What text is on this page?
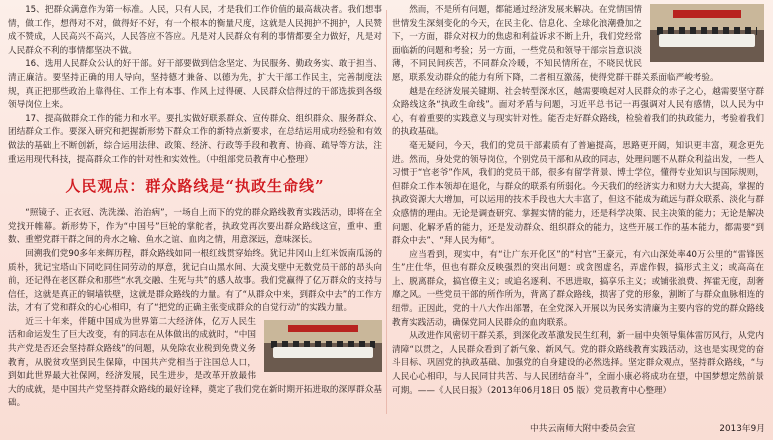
15、把群众满意作为第一标准。人民，只有人民，才是我们工作价值的最高裁决者。我们想事情，做工作，想得对不对，做得好不好，有一个根本的衡量尺度，这就是人民拥护不拥护，人民赞成不赞成，人民高兴不高兴，人民答应不答应。凡是对人民群众有利的事情都要全力做好，凡是对人民群众不利的事情都坚决不做。

16、选用人民群众公认的好干部。好干部要做到信念坚定、为民服务、勤政务实、敢于担当、清正廉洁。要坚持正确的用人导向，坚持德才兼备、以德为先，扩大干部工作民主，完善制度法规，真正把那些政治上靠得住、工作上有本事、作风上过得硬、人民群众信得过的干部选拔到各级领导岗位上来。

17、提高做群众工作的能力和水平。要扎实做好联系群众、宣传群众、组织群众、服务群众、团结群众工作。要深入研究和把握新形势下群众工作的新特点新要求，在总结运用成功经验和有效做法的基础上不断创新，综合运用法律、政策、经济、行政等手段和教育、协商、疏导等方法，注重运用现代科技，提高群众工作的针对性和实效性。（中组部党员教育中心整理）

人民观点：群众路线是“执政生命线”

“照镜子、正衣冠、洗洗澡、治治病”，一场自上而下的党的群众路线教育实践活动，即将在全党找开帷幕。新形势下，作为“中国号”巨轮的掌舵者，执政党再次要出群众路线这宣，重申、重数、重塑党群干群之间的舟水之喻、鱼水之谊、血肉之情，用意深远，意味深长。

回溯我们党90多年来辉历程，群众路线如同一根红线贯穿始终。犹记井冈山上红米饭南瓜汤的质朴，犹记宝塔山下同吃同住同劳动的厚意，犹记白山黑水间、大漠戈壁中无数党员干部的昂头向前，还记得在老区群众和那些“水乳交融、生死与共”的感人故事。我们党赢得了亿万群众的支持与信任，这就是真正的铜墙铁壁，这就是群众路线的力量。有了“从群众中来，到群众中去”的工作方法，才有了党和群众的心心相印，有了“把党的正确主张变成群众的自觉行动”的实践力量。

近三十年来，伴随中国成为世界第二大经济体，亿万人民生活和命运发生了巨大改变，有的同志在从体做出的成就时，“中国共产党是否还会坚持群众路线”的问题，从免除农业税到免费义务教育，从脱贫攻坚到民生保障，中国共产党相当于注国总人口，到如此世界最大社保网，经济发展，民生进步，是改革开放最伟大的成就，是中国共产党坚持群众路线的最好诠释，奠定了我们党在新时期开拓进取的深厚群众基础。

然而，不是所有问题，都能通过经济发展来解决。在党情国情世情发生深刻变化的今天，在民主化、信息化、全球化浪潮叠加之下，一方面，群众对权力的焦虑和利益诉求不断上升，我们党经常面临新的问题和考验；另一方面，一些党员和领导干部宗旨意识淡薄，不同民间疾苦，不同群众冷暖，不知民情所在，不晓民忧民愿，联系发动群众的能力有所下降，二者相互激荡，使得党群干群关系面临严峻考验。

越是在经济发展关键期、社会转型深水区，越需要唤起对人民群众的赤子之心，越需要坚守群众路线这条“执政生命线”。面对矛盾与问题，习近平总书记一再强调对人民有感情，以人民为中心，有着重要的实践意义与现实针对性。能否走好群众路线，检验着我们的执政能力，考验着我们的执政基础。

毫无疑问，今天，我们的党员干部素质有了普遍提高，思路更开阔，知识更丰富，观念更先进。然而，身处党的领导岗位，个别党员干部和从政的同志，处理问题不从群众利益出发，一些人习惯于“官老爷”作风，我们的党员干部，很多有留学背景、博士学位，懂得专业知识与国际规则，但群众工作本领却在退化，与群众的联系有所弱化。今天我们的经济实力和财力大大提高，掌握的执政资源大大增加，可以运用的技术手段也大大丰富了，但这不能成为疏远与群众联系、淡化与群众感情的理由。无论是调查研究、掌握实情的能力，还是科学决策、民主决策的能力；无论是解决问题、化解矛盾的能力，还是发动群众、组织群众的能力，这些开展工作的基本能力，都需要“到群众中去”、“拜人民为师”。

应当看到，现实中，有“让广东开化区”的“村官”王豪元，有六山深处率40万公里的“雷锋医生”庄仕华，但也有群众反映强烈的突出问题：或贪图虚名，弄虚作假，搞形式主义；或高高在上、脱离群众，搞官僚主义；或追名逐利、不思进取，搞享乐主义；或铺张浪费、挥霍无度，刮奢靡之风。一些党员干部的所作所为，背离了群众路线，损害了党的形象，割断了与群众血脉相连的纽带。正因此，党的十八大作出部署，在全党深入开展以为民务实清廉为主要内容的党的群众路线教育实践活动，确保党同人民群众的血肉联系。

从改进作风密切干群关系，到深化改革激发民生红利，新一届中央领导集体雷厉风行，从党内清障“以贯之，人民群众看到了新气象、新风气。党的群众路线教育实践活动，这也是实现党的奋斗目标、巩固党的执政基础、加强党的自身建设的必然选择。坚定群众观点，坚持群众路线，“与人民心心相印，与人民同甘共苦、与人民团结奋斗”，全面小康必将成功在望，中国梦想定然前景可期。——《人民日报》（2013年06月18日 05 版）党员教育中心整理）

中共云南师大附中委员会宣	2013年9月
